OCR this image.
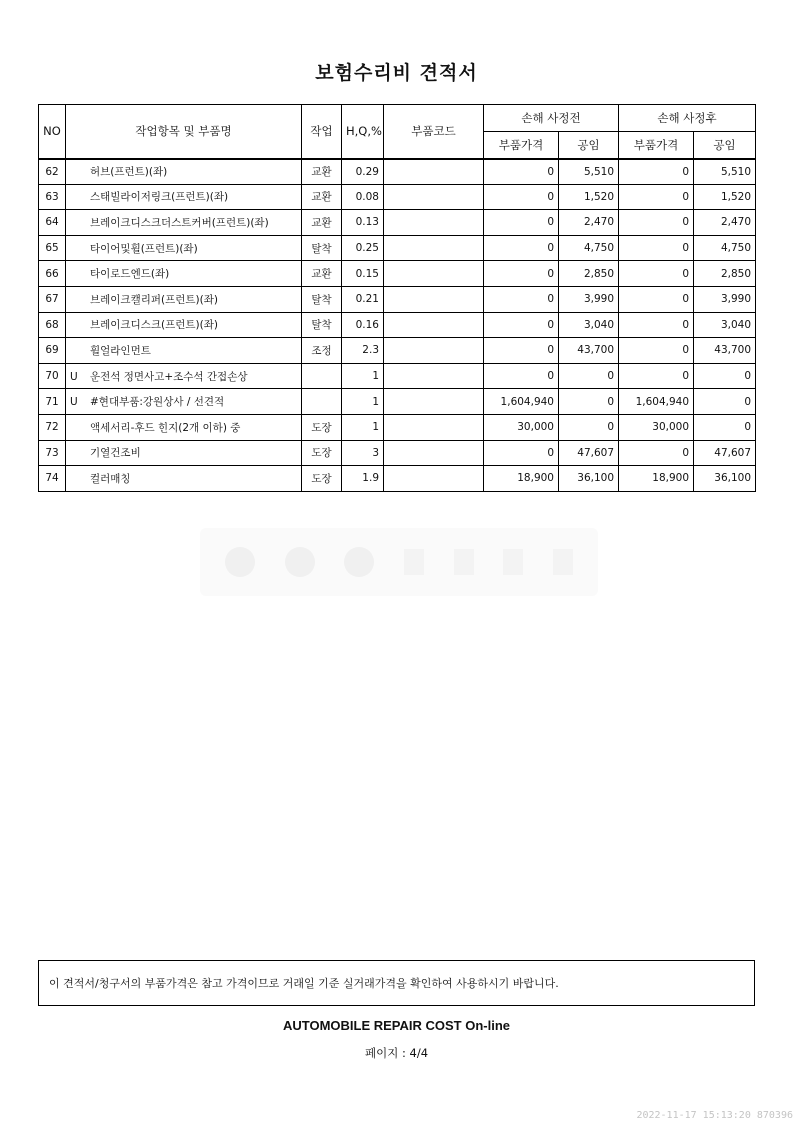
보험수리비 견적서
NO	작업항목 및 부품명	작업	H,Q,%	부품코드	손해 사정전		손해 사정후	
					부품가격	공임	부품가격	공임
62	허브(프런트)(좌)	교환	0.29		0	5,510	0	5,510
63	스태빌라이저링크(프런트)(좌)	교환	0.08		0	1,520	0	1,520
64	브레이크디스크더스트커버(프런트)(좌)	교환	0.13		0	2,470	0	2,470
65	타이어및휠(프런트)(좌)	탈착	0.25		0	4,750	0	4,750
66	타이로드엔드(좌)	교환	0.15		0	2,850	0	2,850
67	브레이크캘리퍼(프런트)(좌)	탈착	0.21		0	3,990	0	3,990
68	브레이크디스크(프런트)(좌)	탈착	0.16		0	3,040	0	3,040
69	휠얼라인먼트	조정	2.3		0	43,700	0	43,700
70	U 운전석 정면사고+조수석 간접손상		1		0	0	0	0
71	U #현대부품:강원상사 / 선견적		1		1,604,940	0	1,604,940	0
72	액세서리-후드 힌지(2개 이하) 중	도장	1		30,000	0	30,000	0
73	기열건조비	도장	3		0	47,607	0	47,607
74	컬러매칭	도장	1.9		18,900	36,100	18,900	36,100
이 견적서/청구서의 부품가격은 참고 가격이므로 거래일 기준 실거래가격을 확인하여 사용하시기 바랍니다.
AUTOMOBILE REPAIR COST On-line
페이지 : 4/4
2022-11-17 15:13:20 870396
